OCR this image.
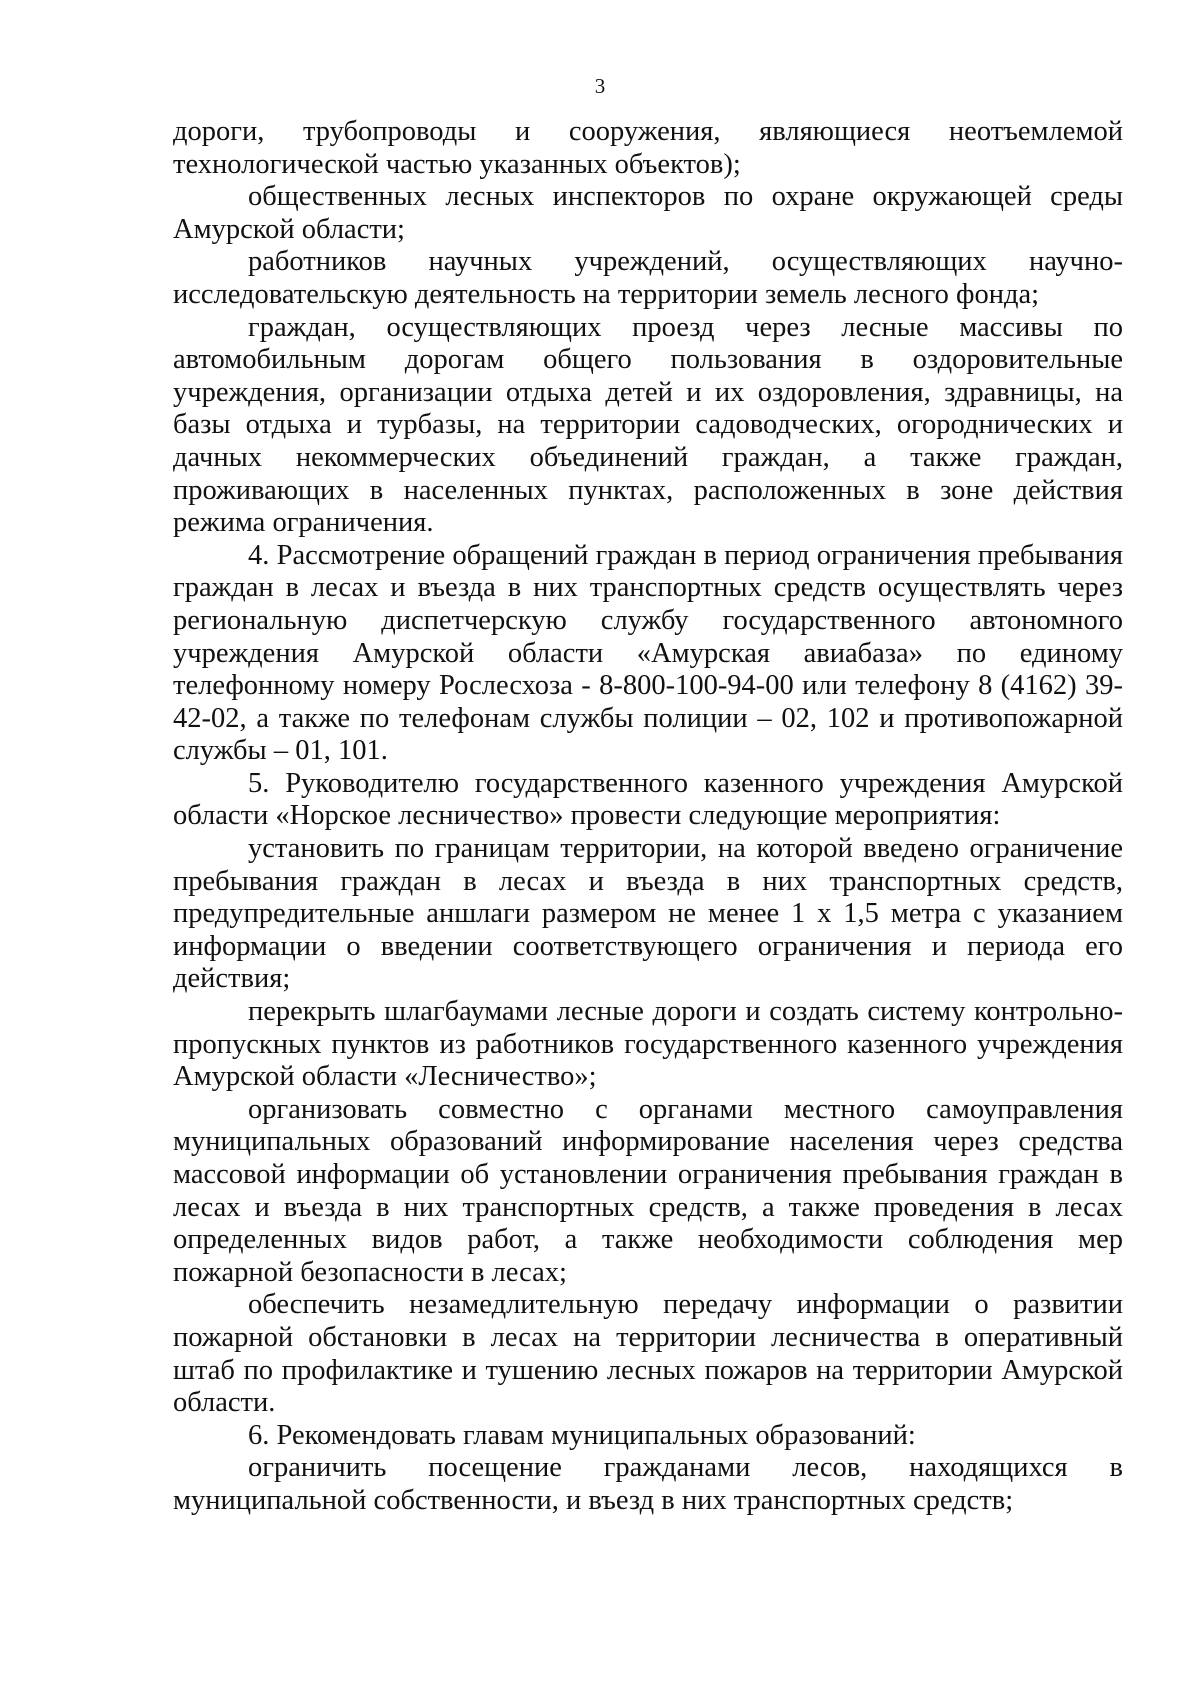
3

дороги, трубопроводы и сооружения, являющиеся неотъемлемой технологической частью указанных объектов);

общественных лесных инспекторов по охране окружающей среды Амурской области;

работников научных учреждений, осуществляющих научно-исследовательскую деятельность на территории земель лесного фонда;

граждан, осуществляющих проезд через лесные массивы по автомобильным дорогам общего пользования в оздоровительные учреждения, организации отдыха детей и их оздоровления, здравницы, на базы отдыха и турбазы, на территории садоводческих, огороднических и дачных некоммерческих объединений граждан, а также граждан, проживающих в населенных пунктах, расположенных в зоне действия режима ограничения.

4. Рассмотрение обращений граждан в период ограничения пребывания граждан в лесах и въезда в них транспортных средств осуществлять через региональную диспетчерскую службу государственного автономного учреждения Амурской области «Амурская авиабаза» по единому телефонному номеру Рослесхоза - 8-800-100-94-00 или телефону 8 (4162) 39-42-02, а также по телефонам службы полиции – 02, 102 и противопожарной службы – 01, 101.

5. Руководителю государственного казенного учреждения Амурской области «Норское лесничество» провести следующие мероприятия:

установить по границам территории, на которой введено ограничение пребывания граждан в лесах и въезда в них транспортных средств, предупредительные аншлаги размером не менее 1 х 1,5 метра с указанием информации о введении соответствующего ограничения и периода его действия;

перекрыть шлагбаумами лесные дороги и создать систему контрольно-пропускных пунктов из работников государственного казенного учреждения Амурской области «Лесничество»;

организовать совместно с органами местного самоуправления муниципальных образований информирование населения через средства массовой информации об установлении ограничения пребывания граждан в лесах и въезда в них транспортных средств, а также проведения в лесах определенных видов работ, а также необходимости соблюдения мер пожарной безопасности в лесах;

обеспечить незамедлительную передачу информации о развитии пожарной обстановки в лесах на территории лесничества в оперативный штаб по профилактике и тушению лесных пожаров на территории Амурской области.

6. Рекомендовать главам муниципальных образований:

ограничить посещение гражданами лесов, находящихся в муниципальной собственности, и въезд в них транспортных средств;
